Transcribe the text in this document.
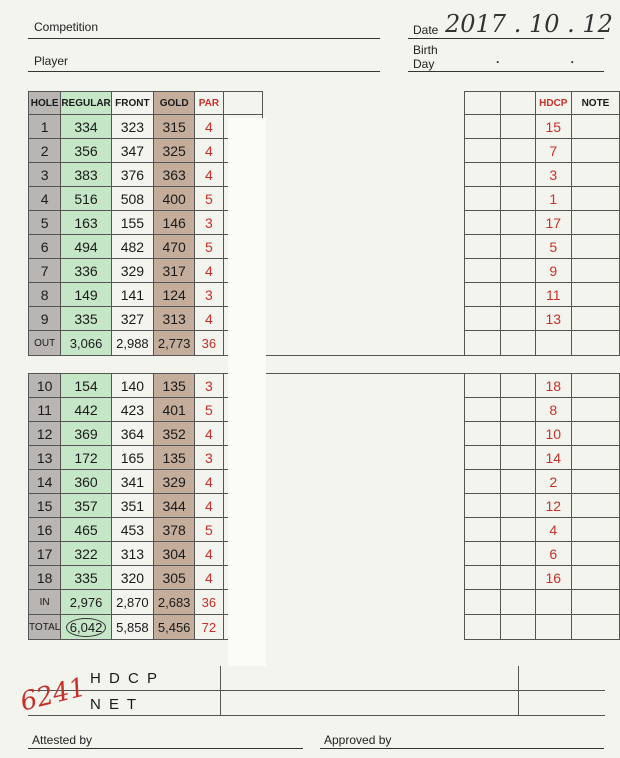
Competition
Player
Date 2017 . 10 . 12
Birth
Day	. .
HOLE	REGULAR	FRONT	GOLD	PAR					HDCP	NOTE
1	334	323	315	4					15	
2	356	347	325	4					7	
3	383	376	363	4					3	
4	516	508	400	5					1	
5	163	155	146	3					17	
6	494	482	470	5					5	
7	336	329	317	4					9	
8	149	141	124	3					11	
9	335	327	313	4					13	
OUT	3,066	2,988	2,773	36						

10	154	140	135	3					18	
11	442	423	401	5					8	
12	369	364	352	4					10	
13	172	165	135	3					14	
14	360	341	329	4					2	
15	357	351	344	4					12	
16	465	453	378	5					4	
17	322	313	304	4					6	
18	335	320	305	4					16	
IN	2,976	2,870	2,683	36						
TOTAL	6,042	5,858	5,456	72						
H D C P
N E T
6241
Attested by	Approved by
